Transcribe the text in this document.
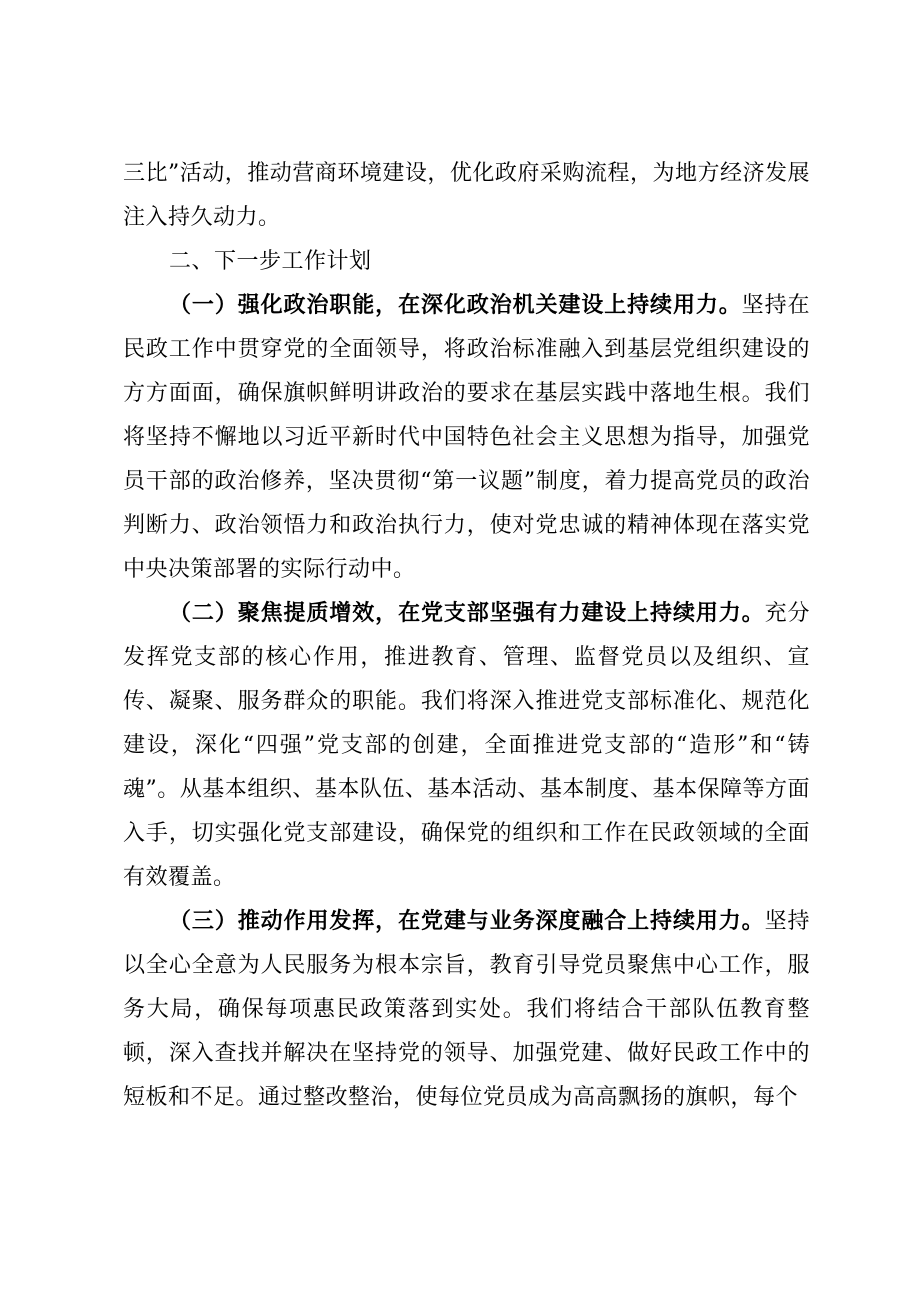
三比”活动，推动营商环境建设，优化政府采购流程，为地方经济发展注入持久动力。

二、下一步工作计划

（一）强化政治职能，在深化政治机关建设上持续用力。坚持在民政工作中贯穿党的全面领导，将政治标准融入到基层党组织建设的方方面面，确保旗帜鲜明讲政治的要求在基层实践中落地生根。我们将坚持不懈地以习近平新时代中国特色社会主义思想为指导，加强党员干部的政治修养，坚决贯彻“第一议题”制度，着力提高党员的政治判断力、政治领悟力和政治执行力，使对党忠诚的精神体现在落实党中央决策部署的实际行动中。

（二）聚焦提质增效，在党支部坚强有力建设上持续用力。充分发挥党支部的核心作用，推进教育、管理、监督党员以及组织、宣传、凝聚、服务群众的职能。我们将深入推进党支部标准化、规范化建设，深化“四强”党支部的创建，全面推进党支部的“造形”和“铸魂”。从基本组织、基本队伍、基本活动、基本制度、基本保障等方面入手，切实强化党支部建设，确保党的组织和工作在民政领域的全面有效覆盖。

（三）推动作用发挥，在党建与业务深度融合上持续用力。坚持以全心全意为人民服务为根本宗旨，教育引导党员聚焦中心工作，服务大局，确保每项惠民政策落到实处。我们将结合干部队伍教育整顿，深入查找并解决在坚持党的领导、加强党建、做好民政工作中的短板和不足。通过整改整治，使每位党员成为高高飘扬的旗帜，每个
